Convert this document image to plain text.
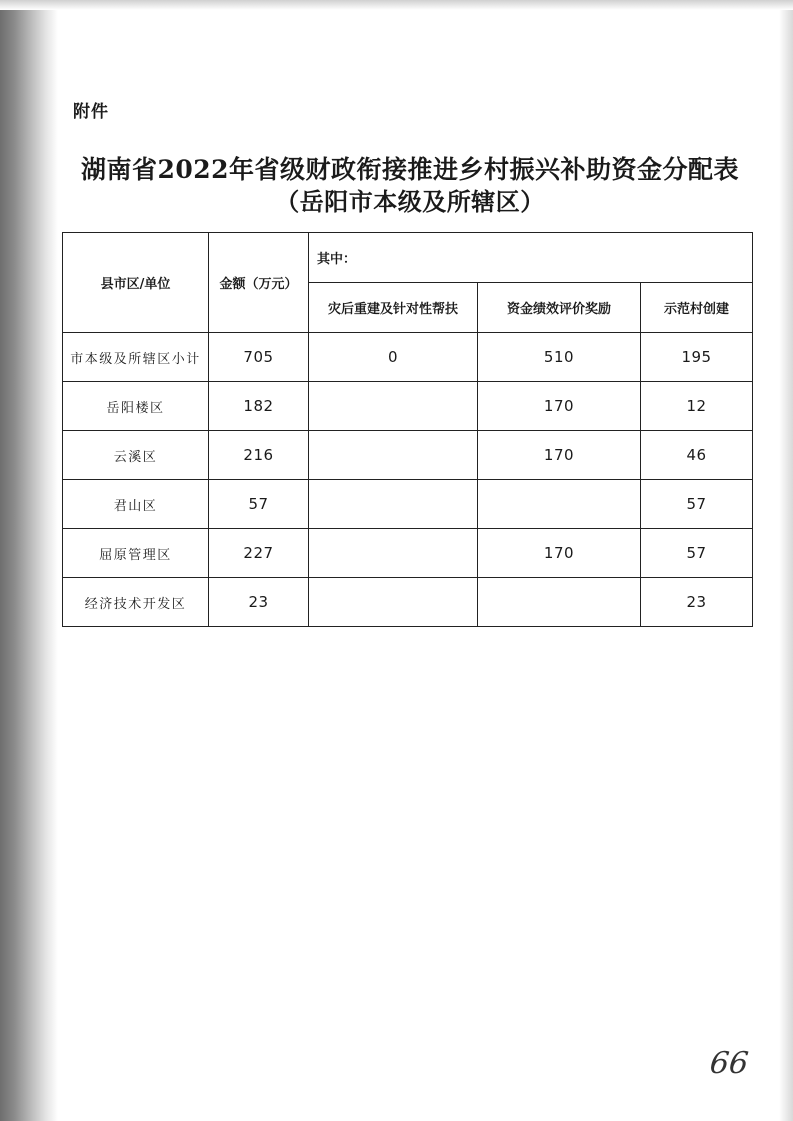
附件
湖南省2022年省级财政衔接推进乡村振兴补助资金分配表
（岳阳市本级及所辖区）
县市区/单位	金额（万元）	其中：		
		灾后重建及针对性帮扶	资金绩效评价奖励	示范村创建
市本级及所辖区小计	705	0	510	195
岳阳楼区	182		170	12
云溪区	216		170	46
君山区	57			57
屈原管理区	227		170	57
经济技术开发区	23			23
66
